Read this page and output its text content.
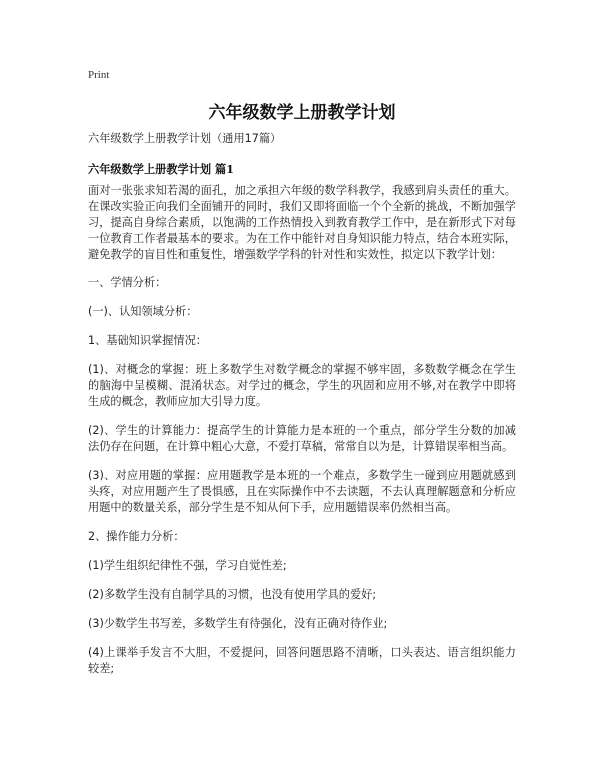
Print
六年级数学上册教学计划

六年级数学上册教学计划（通用17篇）

六年级数学上册教学计划 篇1

面对一张张求知若渴的面孔，加之承担六年级的数学科教学，我感到肩头责任的重大。在课改实验正向我们全面铺开的同时，我们又即将面临一个个全新的挑战，不断加强学习，提高自身综合素质，以饱满的工作热情投入到教育教学工作中，是在新形式下对每一位教育工作者最基本的要求。为在工作中能针对自身知识能力特点，结合本班实际，避免教学的盲目性和重复性，增强数学学科的针对性和实效性，拟定以下教学计划：

一、学情分析：

(一)、认知领域分析：

1、基础知识掌握情况：

(1)、对概念的掌握：班上多数学生对数学概念的掌握不够牢固，多数数学概念在学生的脑海中呈模糊、混淆状态。对学过的概念，学生的巩固和应用不够,对在教学中即将生成的概念，教师应加大引导力度。

(2)、学生的计算能力：提高学生的计算能力是本班的一个重点，部分学生分数的加减法仍存在问题，在计算中粗心大意，不爱打草稿，常常自以为是，计算错误率相当高。

(3)、对应用题的掌握：应用题教学是本班的一个难点，多数学生一碰到应用题就感到头疼，对应用题产生了畏惧感，且在实际操作中不去读题，不去认真理解题意和分析应用题中的数量关系，部分学生是不知从何下手，应用题错误率仍然相当高。

2、操作能力分析：

(1)学生组织纪律性不强，学习自觉性差;

(2)多数学生没有自制学具的习惯，也没有使用学具的爱好;

(3)少数学生书写差，多数学生有待强化，没有正确对待作业;

(4)上课举手发言不大胆，不爱提问，回答问题思路不清晰，口头表达、语言组织能力较差;
